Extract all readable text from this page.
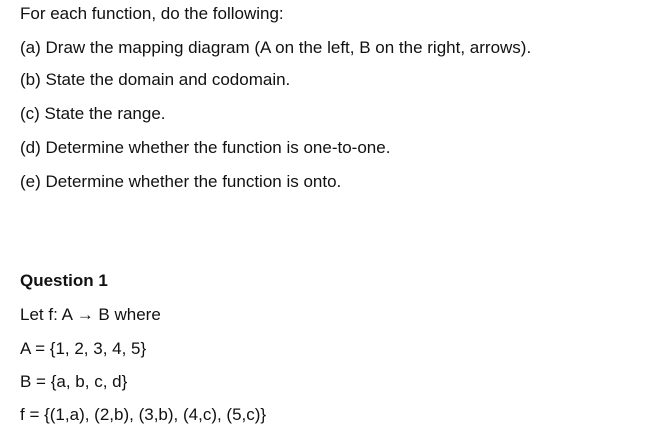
For each function, do the following:

(a) Draw the mapping diagram (A on the left, B on the right, arrows).

(b) State the domain and codomain.

(c) State the range.

(d) Determine whether the function is one-to-one.

(e) Determine whether the function is onto.

Question 1

Let f: A → B where

A = {1, 2, 3, 4, 5}

B = {a, b, c, d}

f = {(1,a), (2,b), (3,b), (4,c), (5,c)}
